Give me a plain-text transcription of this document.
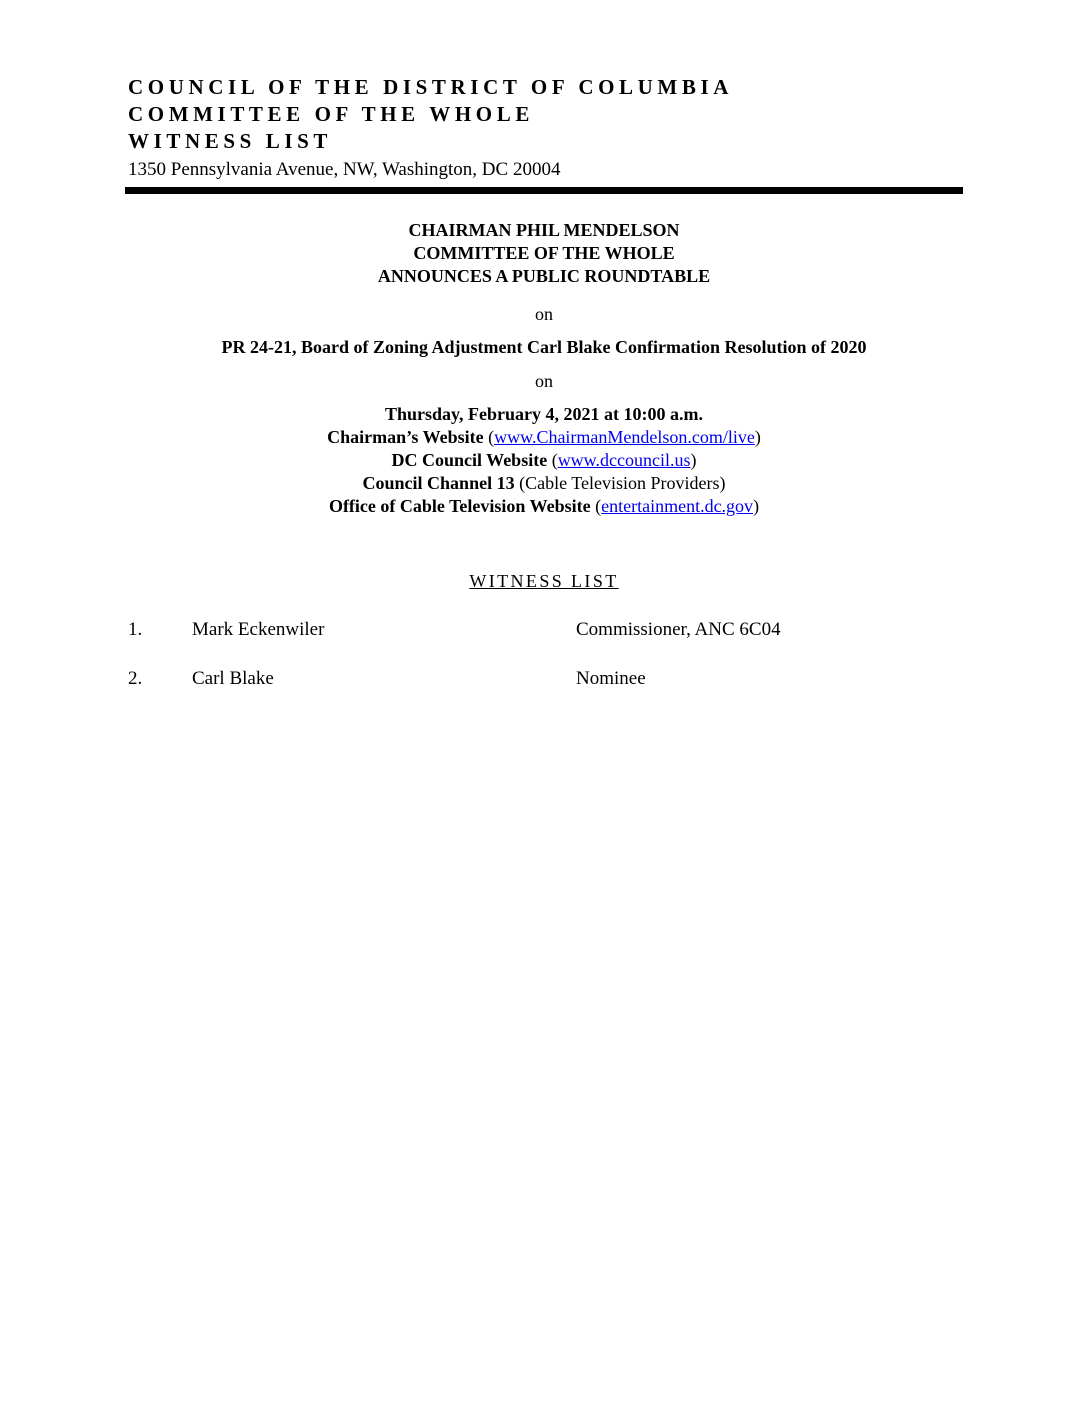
COUNCIL OF THE DISTRICT OF COLUMBIA
COMMITTEE OF THE WHOLE
WITNESS LIST
1350 Pennsylvania Avenue, NW, Washington, DC 20004
CHAIRMAN PHIL MENDELSON
COMMITTEE OF THE WHOLE
ANNOUNCES A PUBLIC ROUNDTABLE
on
PR 24-21, Board of Zoning Adjustment Carl Blake Confirmation Resolution of 2020
on
Thursday, February 4, 2021 at 10:00 a.m.
Chairman’s Website (www.ChairmanMendelson.com/live)
DC Council Website (www.dccouncil.us)
Council Channel 13 (Cable Television Providers)
Office of Cable Television Website (entertainment.dc.gov)
WITNESS LIST
1.	Mark Eckenwiler	Commissioner, ANC 6C04
2.	Carl Blake	Nominee
